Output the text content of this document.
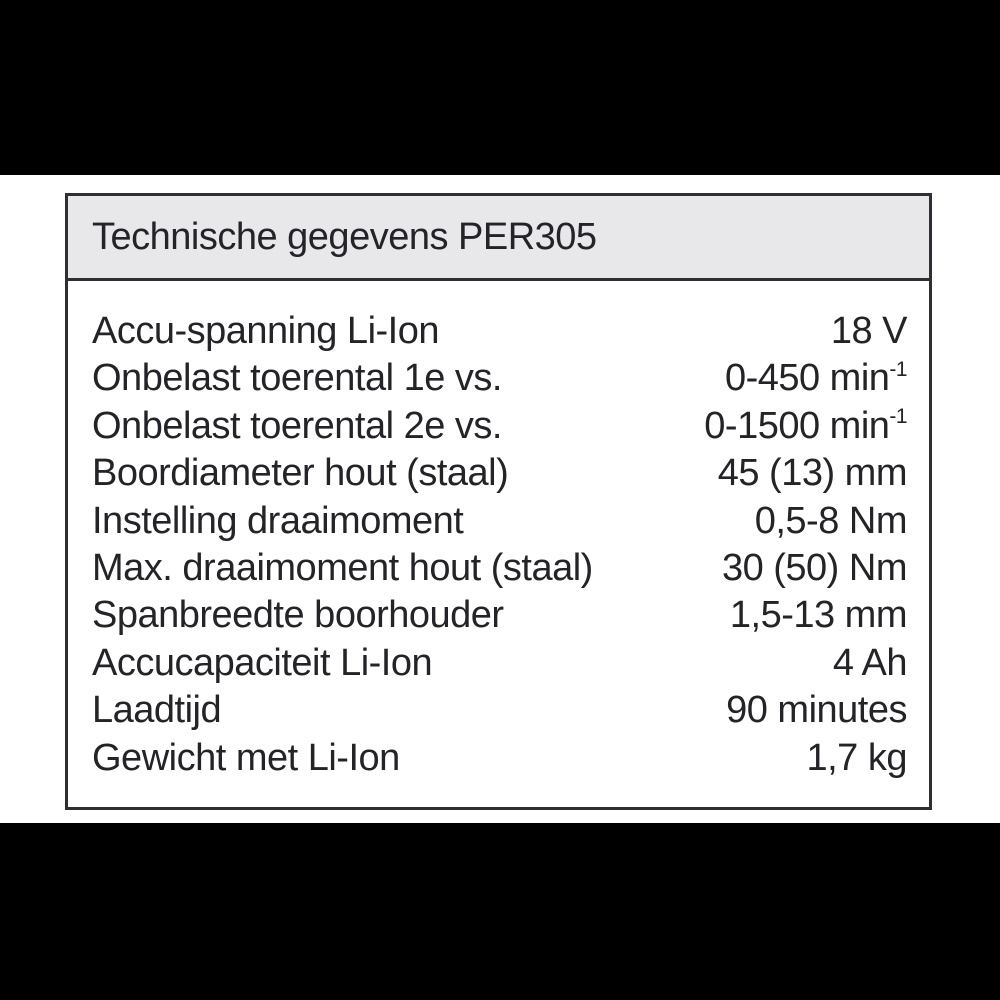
Technische gegevens PER305
Accu-spanning Li-Ion	18 V
Onbelast toerental 1e vs.	0-450 $\min^{-1}$
Onbelast toerental 2e vs.	0-1500 $\min^{-1}$
Boordiameter hout (staal)	45 (13) mm
Instelling draaimoment	0,5-8 Nm
Max. draaimoment hout (staal)	30 (50) Nm
Spanbreedte boorhouder	1,5-13 mm
Accucapaciteit Li-Ion	4 Ah
Laadtijd	90 minutes
Gewicht met Li-Ion	1,7 kg
